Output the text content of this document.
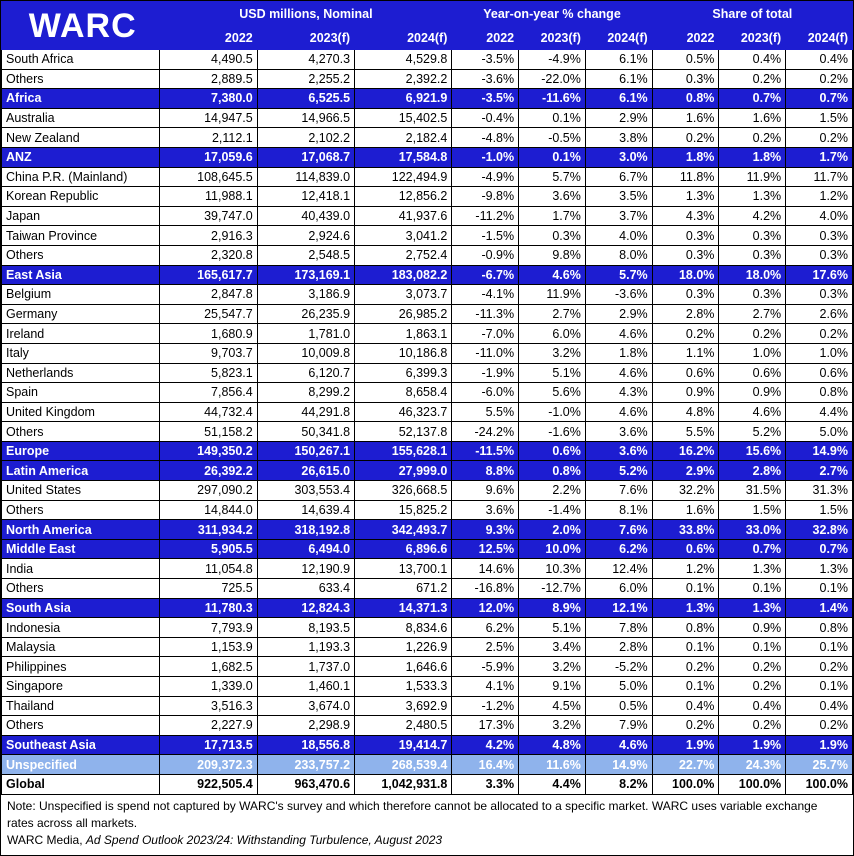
WARC	USD millions, Nominal			Year-on-year % change			Share of total		
	2022	2023(f)	2024(f)	2022	2023(f)	2024(f)	2022	2023(f)	2024(f)
South Africa	4,490.5	4,270.3	4,529.8	-3.5%	-4.9%	6.1%	0.5%	0.4%	0.4%
Others	2,889.5	2,255.2	2,392.2	-3.6%	-22.0%	6.1%	0.3%	0.2%	0.2%
Africa	7,380.0	6,525.5	6,921.9	-3.5%	-11.6%	6.1%	0.8%	0.7%	0.7%
Australia	14,947.5	14,966.5	15,402.5	-0.4%	0.1%	2.9%	1.6%	1.6%	1.5%
New Zealand	2,112.1	2,102.2	2,182.4	-4.8%	-0.5%	3.8%	0.2%	0.2%	0.2%
ANZ	17,059.6	17,068.7	17,584.8	-1.0%	0.1%	3.0%	1.8%	1.8%	1.7%
China P.R. (Mainland)	108,645.5	114,839.0	122,494.9	-4.9%	5.7%	6.7%	11.8%	11.9%	11.7%
Korean Republic	11,988.1	12,418.1	12,856.2	-9.8%	3.6%	3.5%	1.3%	1.3%	1.2%
Japan	39,747.0	40,439.0	41,937.6	-11.2%	1.7%	3.7%	4.3%	4.2%	4.0%
Taiwan Province	2,916.3	2,924.6	3,041.2	-1.5%	0.3%	4.0%	0.3%	0.3%	0.3%
Others	2,320.8	2,548.5	2,752.4	-0.9%	9.8%	8.0%	0.3%	0.3%	0.3%
East Asia	165,617.7	173,169.1	183,082.2	-6.7%	4.6%	5.7%	18.0%	18.0%	17.6%
Belgium	2,847.8	3,186.9	3,073.7	-4.1%	11.9%	-3.6%	0.3%	0.3%	0.3%
Germany	25,547.7	26,235.9	26,985.2	-11.3%	2.7%	2.9%	2.8%	2.7%	2.6%
Ireland	1,680.9	1,781.0	1,863.1	-7.0%	6.0%	4.6%	0.2%	0.2%	0.2%
Italy	9,703.7	10,009.8	10,186.8	-11.0%	3.2%	1.8%	1.1%	1.0%	1.0%
Netherlands	5,823.1	6,120.7	6,399.3	-1.9%	5.1%	4.6%	0.6%	0.6%	0.6%
Spain	7,856.4	8,299.2	8,658.4	-6.0%	5.6%	4.3%	0.9%	0.9%	0.8%
United Kingdom	44,732.4	44,291.8	46,323.7	5.5%	-1.0%	4.6%	4.8%	4.6%	4.4%
Others	51,158.2	50,341.8	52,137.8	-24.2%	-1.6%	3.6%	5.5%	5.2%	5.0%
Europe	149,350.2	150,267.1	155,628.1	-11.5%	0.6%	3.6%	16.2%	15.6%	14.9%
Latin America	26,392.2	26,615.0	27,999.0	8.8%	0.8%	5.2%	2.9%	2.8%	2.7%
United States	297,090.2	303,553.4	326,668.5	9.6%	2.2%	7.6%	32.2%	31.5%	31.3%
Others	14,844.0	14,639.4	15,825.2	3.6%	-1.4%	8.1%	1.6%	1.5%	1.5%
North America	311,934.2	318,192.8	342,493.7	9.3%	2.0%	7.6%	33.8%	33.0%	32.8%
Middle East	5,905.5	6,494.0	6,896.6	12.5%	10.0%	6.2%	0.6%	0.7%	0.7%
India	11,054.8	12,190.9	13,700.1	14.6%	10.3%	12.4%	1.2%	1.3%	1.3%
Others	725.5	633.4	671.2	-16.8%	-12.7%	6.0%	0.1%	0.1%	0.1%
South Asia	11,780.3	12,824.3	14,371.3	12.0%	8.9%	12.1%	1.3%	1.3%	1.4%
Indonesia	7,793.9	8,193.5	8,834.6	6.2%	5.1%	7.8%	0.8%	0.9%	0.8%
Malaysia	1,153.9	1,193.3	1,226.9	2.5%	3.4%	2.8%	0.1%	0.1%	0.1%
Philippines	1,682.5	1,737.0	1,646.6	-5.9%	3.2%	-5.2%	0.2%	0.2%	0.2%
Singapore	1,339.0	1,460.1	1,533.3	4.1%	9.1%	5.0%	0.1%	0.2%	0.1%
Thailand	3,516.3	3,674.0	3,692.9	-1.2%	4.5%	0.5%	0.4%	0.4%	0.4%
Others	2,227.9	2,298.9	2,480.5	17.3%	3.2%	7.9%	0.2%	0.2%	0.2%
Southeast Asia	17,713.5	18,556.8	19,414.7	4.2%	4.8%	4.6%	1.9%	1.9%	1.9%
Unspecified	209,372.3	233,757.2	268,539.4	16.4%	11.6%	14.9%	22.7%	24.3%	25.7%
Global	922,505.4	963,470.6	1,042,931.8	3.3%	4.4%	8.2%	100.0%	100.0%	100.0%
Note: Unspecified is spend not captured by WARC's survey and which therefore cannot be allocated to a specific market. WARC uses variable exchange rates across all markets.
WARC Media, Ad Spend Outlook 2023/24: Withstanding Turbulence, August 2023
